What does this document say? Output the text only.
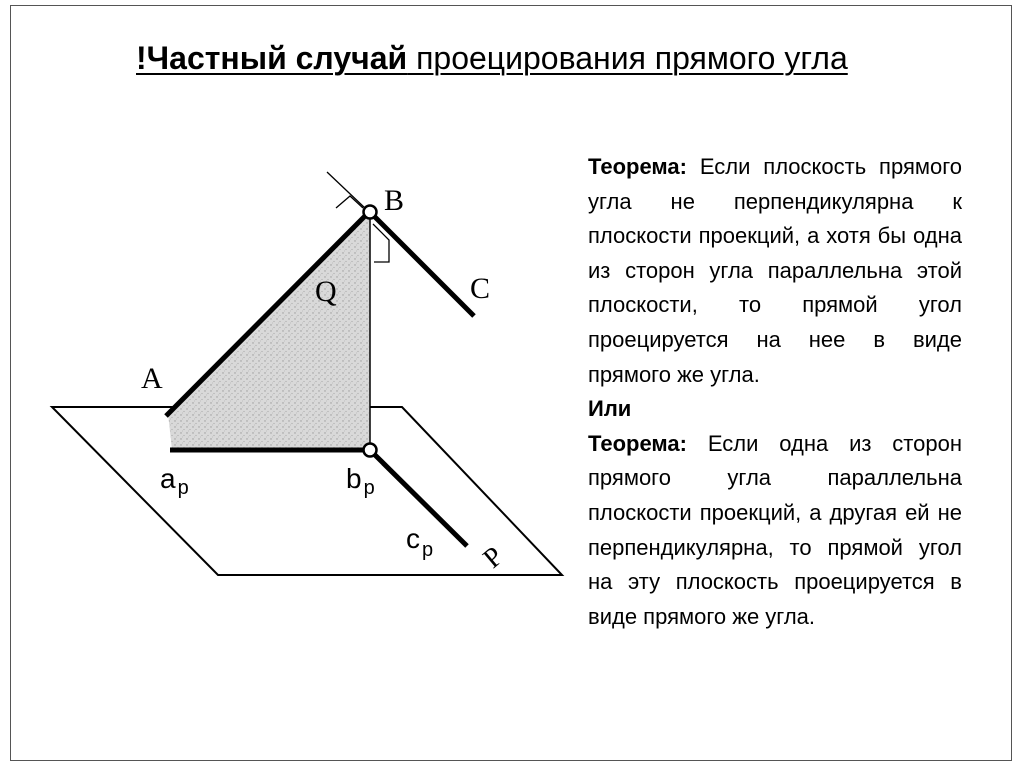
!Частный случай проецирования прямого угла
B
C
Q
A
P
a $_p$	b $_p$
c $_p$

Теорема: Если плоскость прямого угла не перпендикулярна к плоскости проекций, а хотя бы одна из сторон угла параллельна этой плоскости, то прямой угол проецируется на нее в виде прямого же угла.

Или

Теорема: Если одна из сторон прямого угла параллельна плоскости проекций, а другая ей не перпендикулярна, то прямой угол на эту плоскость проецируется в виде прямого же угла.
